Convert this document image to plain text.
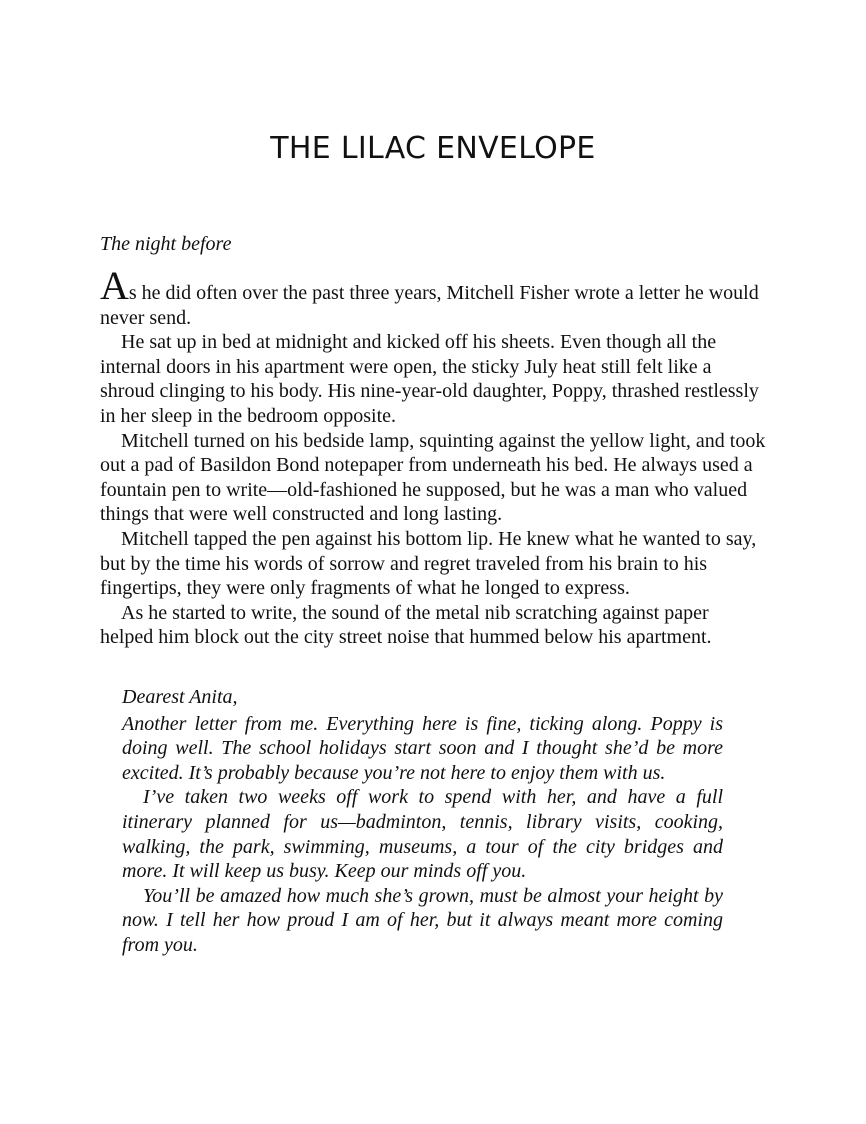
THE LILAC ENVELOPE

The night before

As he did often over the past three years, Mitchell Fisher wrote a letter he would never send.

He sat up in bed at midnight and kicked off his sheets. Even though all the internal doors in his apartment were open, the sticky July heat still felt like a shroud clinging to his body. His nine-year-old daughter, Poppy, thrashed restlessly in her sleep in the bedroom opposite.

Mitchell turned on his bedside lamp, squinting against the yellow light, and took out a pad of Basildon Bond notepaper from underneath his bed. He always used a fountain pen to write—old-fashioned he supposed, but he was a man who valued things that were well constructed and long lasting.

Mitchell tapped the pen against his bottom lip. He knew what he wanted to say, but by the time his words of sorrow and regret traveled from his brain to his fingertips, they were only fragments of what he longed to express.

As he started to write, the sound of the metal nib scratching against paper helped him block out the city street noise that hummed below his apartment.

Dearest Anita,

Another letter from me. Everything here is fine, ticking along. Poppy is doing well. The school holidays start soon and I thought she’d be more excited. It’s probably because you’re not here to enjoy them with us.

I’ve taken two weeks off work to spend with her, and have a full itinerary planned for us—badminton, tennis, library visits, cooking, walking, the park, swimming, museums, a tour of the city bridges and more. It will keep us busy. Keep our minds off you.

You’ll be amazed how much she’s grown, must be almost your height by now. I tell her how proud I am of her, but it always meant more coming from you.
